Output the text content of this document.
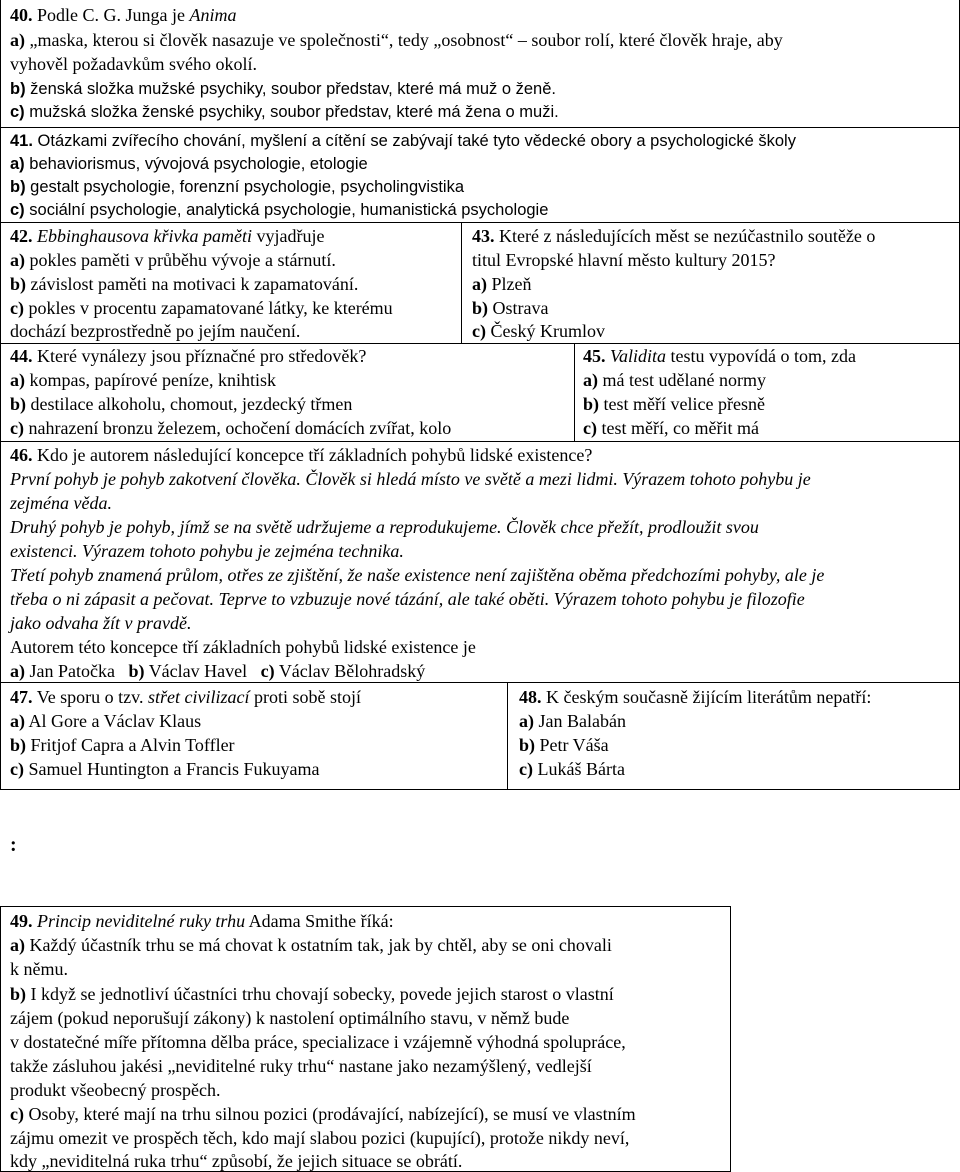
40. Podle C. G. Junga je Anima
a) „maska, kterou si člověk nasazuje ve společnosti“, tedy „osobnost“ – soubor rolí, které člověk hraje, aby
vyhověl požadavkům svého okolí.
b) ženská složka mužské psychiky, soubor představ, které má muž o ženě.
c) mužská složka ženské psychiky, soubor představ, které má žena o muži.
41. Otázkami zvířecího chování, myšlení a cítění se zabývají také tyto vědecké obory a psychologické školy
a) behaviorismus, vývojová psychologie, etologie
b) gestalt psychologie, forenzní psychologie, psycholingvistika
c) sociální psychologie, analytická psychologie, humanistická psychologie
42. Ebbinghausova křivka paměti vyjadřuje
a) pokles paměti v průběhu vývoje a stárnutí.
b) závislost paměti na motivaci k zapamatování.
c) pokles v procentu zapamatované látky, ke kterému
dochází bezprostředně po jejím naučení.
43. Které z následujících měst se nezúčastnilo soutěže o
titul Evropské hlavní město kultury 2015?
a) Plzeň
b) Ostrava
c) Český Krumlov
44. Které vynálezy jsou příznačné pro středověk?
a) kompas, papírové peníze, knihtisk
b) destilace alkoholu, chomout, jezdecký třmen
c) nahrazení bronzu železem, ochočení domácích zvířat, kolo
45. Validita testu vypovídá o tom, zda
a) má test udělané normy
b) test měří velice přesně
c) test měří, co měřit má
46. Kdo je autorem následující koncepce tří základních pohybů lidské existence?
První pohyb je pohyb zakotvení člověka. Člověk si hledá místo ve světě a mezi lidmi. Výrazem tohoto pohybu je
zejména věda.
Druhý pohyb je pohyb, jímž se na světě udržujeme a reprodukujeme. Člověk chce přežít, prodloužit svou
existenci. Výrazem tohoto pohybu je zejména technika.
Třetí pohyb znamená průlom, otřes ze zjištění, že naše existence není zajištěna oběma předchozími pohyby, ale je
třeba o ni zápasit a pečovat. Teprve to vzbuzuje nové tázání, ale také oběti. Výrazem tohoto pohybu je filozofie
jako odvaha žít v pravdě.
Autorem této koncepce tří základních pohybů lidské existence je
a) Jan Patočka b) Václav Havel c) Václav Bělohradský
47. Ve sporu o tzv. střet civilizací proti sobě stojí
a) Al Gore a Václav Klaus
b) Fritjof Capra a Alvin Toffler
c) Samuel Huntington a Francis Fukuyama
48. K českým současně žijícím literátům nepatří:
a) Jan Balabán
b) Petr Váša
c) Lukáš Bárta
:
49. Princip neviditelné ruky trhu Adama Smithe říká:
a) Každý účastník trhu se má chovat k ostatním tak, jak by chtěl, aby se oni chovali
k němu.
b) I když se jednotliví účastníci trhu chovají sobecky, povede jejich starost o vlastní
zájem (pokud neporušují zákony) k nastolení optimálního stavu, v němž bude
v dostatečné míře přítomna dělba práce, specializace i vzájemně výhodná spolupráce,
takže zásluhou jakési „neviditelné ruky trhu“ nastane jako nezamýšlený, vedlejší
produkt všeobecný prospěch.
c) Osoby, které mají na trhu silnou pozici (prodávající, nabízející), se musí ve vlastním
zájmu omezit ve prospěch těch, kdo mají slabou pozici (kupující), protože nikdy neví,
kdy „neviditelná ruka trhu“ způsobí, že jejich situace se obrátí.
